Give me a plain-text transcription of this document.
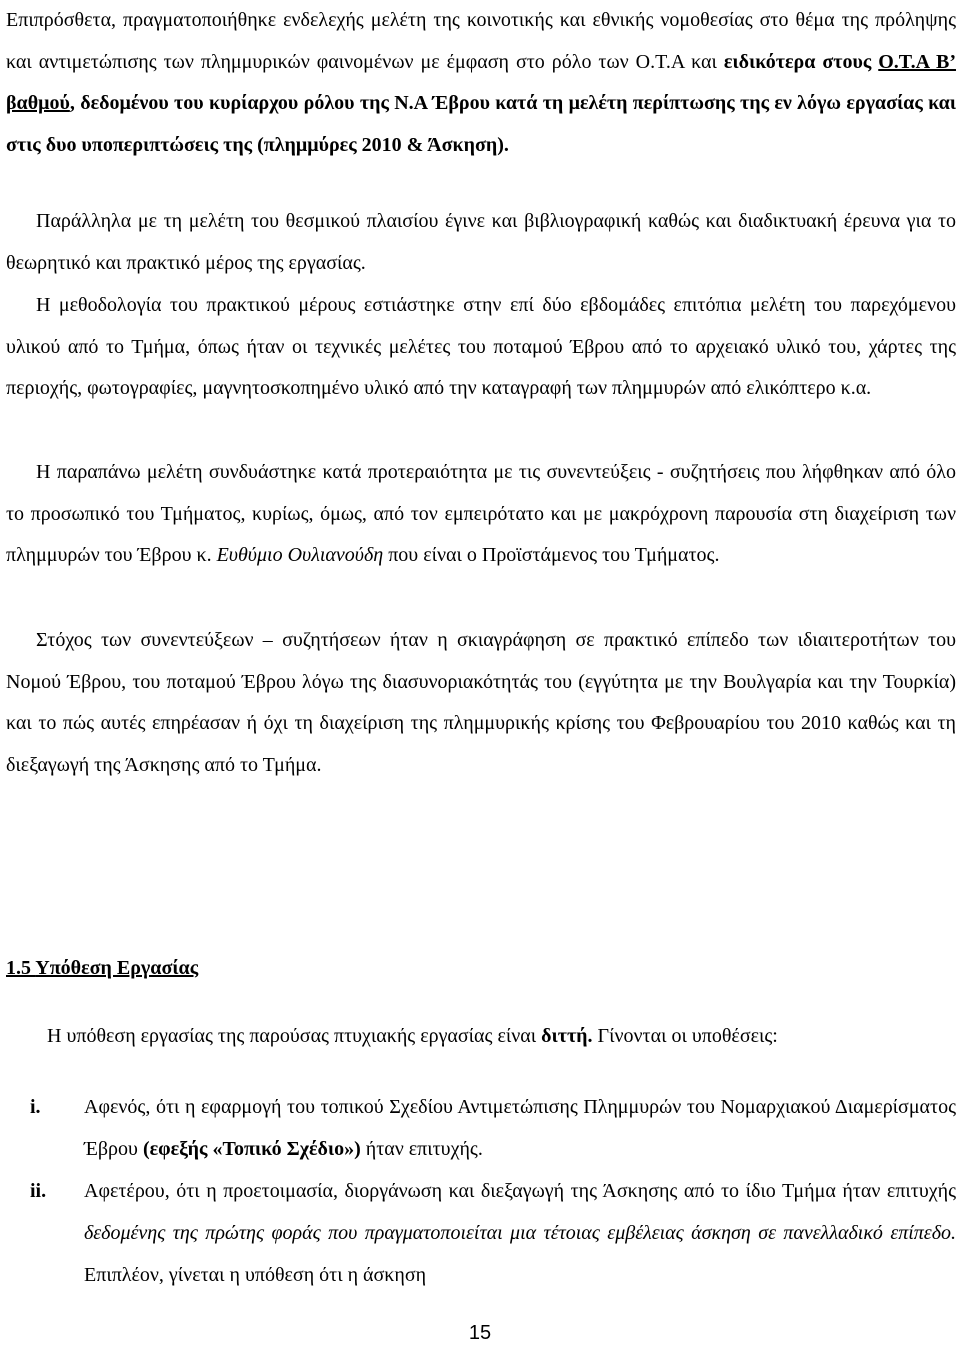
Επιπρόσθετα, πραγματοποιήθηκε ενδελεχής μελέτη της κοινοτικής και εθνικής νομοθεσίας στο θέμα της πρόληψης και αντιμετώπισης των πλημμυρικών φαινομένων με έμφαση στο ρόλο των Ο.Τ.Α και ειδικότερα στους Ο.Τ.Α Β’ βαθμού, δεδομένου του κυρίαρχου ρόλου της Ν.Α Έβρου κατά τη μελέτη περίπτωσης της εν λόγω εργασίας και στις δυο υποπεριπτώσεις της (πλημμύρες 2010 & Άσκηση).

Παράλληλα με τη μελέτη του θεσμικού πλαισίου έγινε και βιβλιογραφική καθώς και διαδικτυακή έρευνα για το θεωρητικό και πρακτικό μέρος της εργασίας.

Η μεθοδολογία του πρακτικού μέρους εστιάστηκε στην επί δύο εβδομάδες επιτόπια μελέτη του παρεχόμενου υλικού από το Τμήμα, όπως ήταν οι τεχνικές μελέτες του ποταμού Έβρου από το αρχειακό υλικό του, χάρτες της περιοχής, φωτογραφίες, μαγνητοσκοπημένο υλικό από την καταγραφή των πλημμυρών από ελικόπτερο κ.α.

Η παραπάνω μελέτη συνδυάστηκε κατά προτεραιότητα με τις συνεντεύξεις - συζητήσεις που λήφθηκαν από όλο το προσωπικό του Τμήματος, κυρίως, όμως, από τον εμπειρότατο και με μακρόχρονη παρουσία στη διαχείριση των πλημμυρών του Έβρου κ. Ευθύμιο Ουλιανούδη που είναι ο Προϊστάμενος του Τμήματος.

Στόχος των συνεντεύξεων – συζητήσεων ήταν η σκιαγράφηση σε πρακτικό επίπεδο των ιδιαιτεροτήτων του Νομού Έβρου, του ποταμού Έβρου λόγω της διασυνοριακότητάς του (εγγύτητα με την Βουλγαρία και την Τουρκία) και το πώς αυτές επηρέασαν ή όχι τη διαχείριση της πλημμυρικής κρίσης του Φεβρουαρίου του 2010 καθώς και τη διεξαγωγή της Άσκησης από το Τμήμα.

1.5 Υπόθεση Εργασίας

Η υπόθεση εργασίας της παρούσας πτυχιακής εργασίας είναι διττή. Γίνονται οι υποθέσεις:

i. Αφενός, ότι η εφαρμογή του τοπικού Σχεδίου Αντιμετώπισης Πλημμυρών του Νομαρχιακού Διαμερίσματος Έβρου (εφεξής «Τοπικό Σχέδιο») ήταν επιτυχής.

ii. Αφετέρου, ότι η προετοιμασία, διοργάνωση και διεξαγωγή της Άσκησης από το ίδιο Τμήμα ήταν επιτυχής δεδομένης της πρώτης φοράς που πραγματοποιείται μια τέτοιας εμβέλειας άσκηση σε πανελλαδικό επίπεδο. Επιπλέον, γίνεται η υπόθεση ότι η άσκηση

15
